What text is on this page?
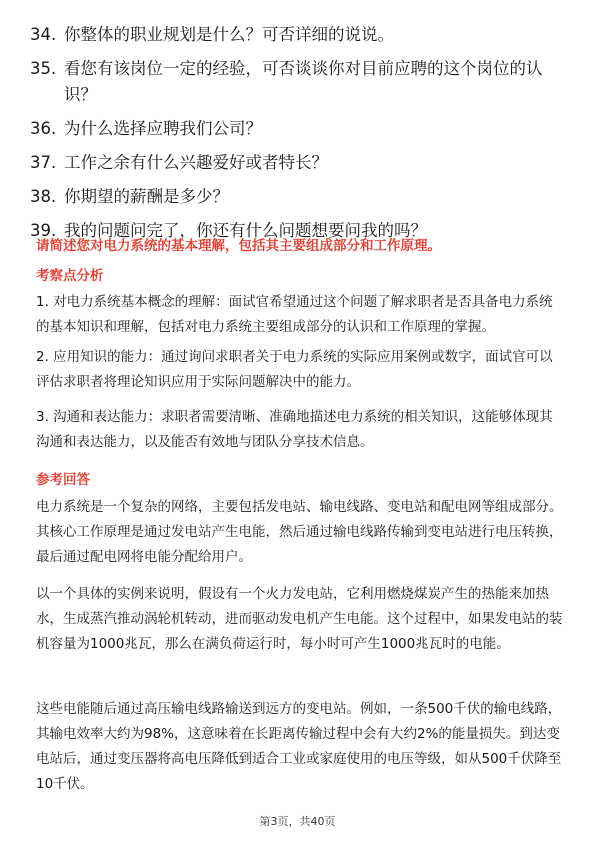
34. 你整体的职业规划是什么？可否详细的说说。
35. 看您有该岗位一定的经验，可否谈谈你对目前应聘的这个岗位的认识？
36. 为什么选择应聘我们公司？
37. 工作之余有什么兴趣爱好或者特长？
38. 你期望的薪酬是多少？
39. 我的问题问完了，你还有什么问题想要问我的吗？
请简述您对电力系统的基本理解，包括其主要组成部分和工作原理。
考察点分析
1. 对电力系统基本概念的理解：面试官希望通过这个问题了解求职者是否具备电力系统的基本知识和理解，包括对电力系统主要组成部分的认识和工作原理的掌握。
2. 应用知识的能力：通过询问求职者关于电力系统的实际应用案例或数字，面试官可以评估求职者将理论知识应用于实际问题解决中的能力。
3. 沟通和表达能力：求职者需要清晰、准确地描述电力系统的相关知识，这能够体现其沟通和表达能力，以及能否有效地与团队分享技术信息。
参考回答
电力系统是一个复杂的网络，主要包括发电站、输电线路、变电站和配电网等组成部分。其核心工作原理是通过发电站产生电能，然后通过输电线路传输到变电站进行电压转换，最后通过配电网将电能分配给用户。
以一个具体的实例来说明，假设有一个火力发电站，它利用燃烧煤炭产生的热能来加热水，生成蒸汽推动涡轮机转动，进而驱动发电机产生电能。这个过程中，如果发电站的装机容量为1000兆瓦，那么在满负荷运行时，每小时可产生1000兆瓦时的电能。
这些电能随后通过高压输电线路输送到远方的变电站。例如，一条500千伏的输电线路，其输电效率大约为98%，这意味着在长距离传输过程中会有大约2%的能量损失。到达变电站后，通过变压器将高电压降低到适合工业或家庭使用的电压等级，如从500千伏降至10千伏。
第3页，共40页
